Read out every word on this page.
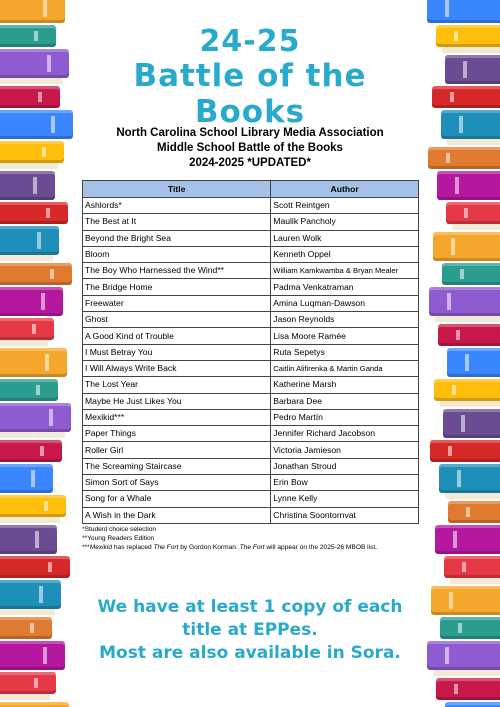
24-25
Battle of the Books
North Carolina School Library Media Association
Middle School Battle of the Books
2024-2025 *UPDATED*
Title	Author
Ashlords*	Scott Reintgen
The Best at It	Maulik Pancholy
Beyond the Bright Sea	Lauren Wolk
Bloom	Kenneth Oppel
The Boy Who Harnessed the Wind**	William Kamkwamba & Bryan Mealer
The Bridge Home	Padma Venkatraman
Freewater	Amina Luqman-Dawson
Ghost	Jason Reynolds
A Good Kind of Trouble	Lisa Moore Ramée
I Must Betray You	Ruta Sepetys
I Will Always Write Back	Caitlin Alifirenka & Martin Ganda
The Lost Year	Katherine Marsh
Maybe He Just Likes You	Barbara Dee
Mexikid***	Pedro Martín
Paper Things	Jennifer Richard Jacobson
Roller Girl	Victoria Jamieson
The Screaming Staircase	Jonathan Stroud
Simon Sort of Says	Erin Bow
Song for a Whale	Lynne Kelly
A Wish in the Dark	Christina Soontornvat
*Student choice selection
**Young Readers Edition
***Mexikid has replaced The Fort by Gordon Korman. The Fort will appear on the 2025-26 MBOB list.
We have at least 1 copy of each
title at EPPes.
Most are also available in Sora.
